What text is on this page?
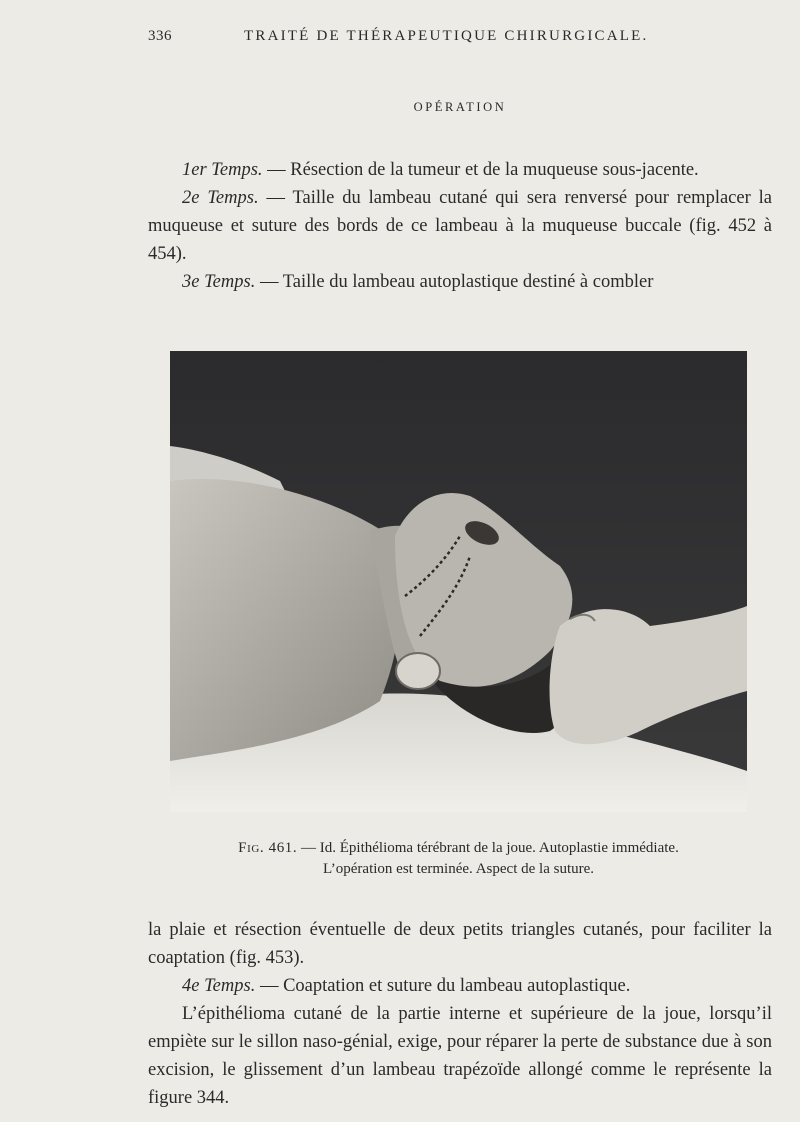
336	TRAITÉ DE THÉRAPEUTIQUE CHIRURGICALE.
OPÉRATION

1er Temps. — Résection de la tumeur et de la muqueuse sous-jacente.

2e Temps. — Taille du lambeau cutané qui sera renversé pour remplacer la muqueuse et suture des bords de ce lambeau à la muqueuse buccale (fig. 452 à 454).

3e Temps. — Taille du lambeau autoplastique destiné à combler

Fig. 461. — Id. Épithélioma térébrant de la joue. Autoplastie immédiate.
L’opération est terminée. Aspect de la suture.

la plaie et résection éventuelle de deux petits triangles cutanés, pour faciliter la coaptation (fig. 453).

4e Temps. — Coaptation et suture du lambeau autoplastique.

L’épithélioma cutané de la partie interne et supérieure de la joue, lorsqu’il empiète sur le sillon naso-génial, exige, pour réparer la perte de substance due à son excision, le glissement d’un lambeau trapézoïde allongé comme le représente la figure 344.
